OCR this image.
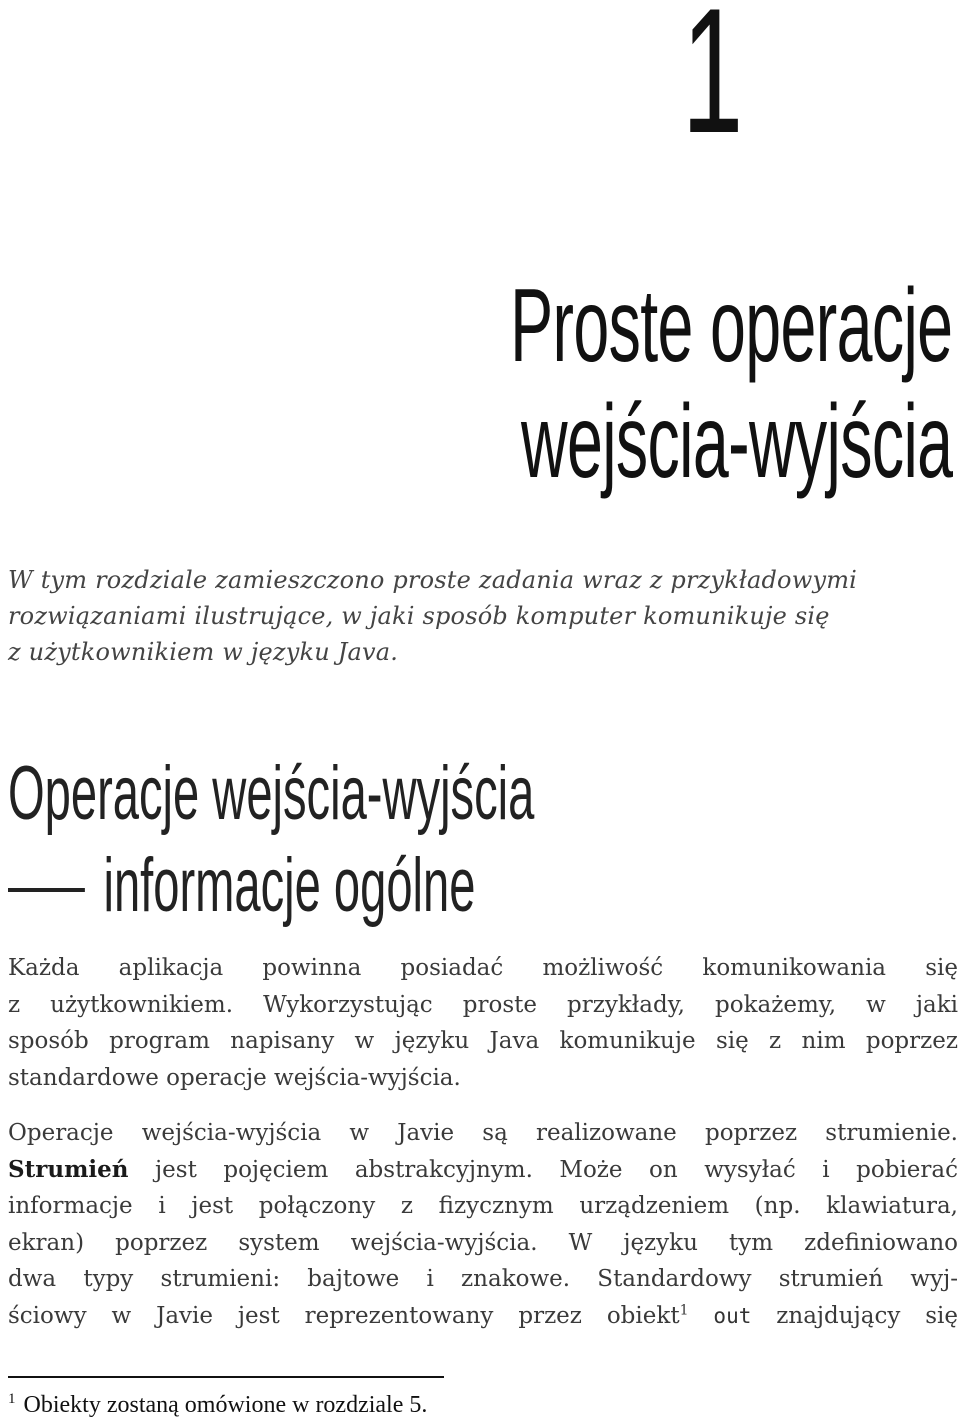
1
Proste operacje
wejścia-wyjścia
W tym rozdziale zamieszczono proste zadania wraz z przykładowymi
rozwiązaniami ilustrujące, w jaki sposób komputer komunikuje się
z użytkownikiem w języku Java.
Operacje wejścia-wyjścia
informacje ogólne
Każda aplikacja powinna posiadać możliwość komunikowania się
z użytkownikiem. Wykorzystując proste przykłady, pokażemy, w jaki
sposób program napisany w języku Java komunikuje się z nim poprzez
standardowe operacje wejścia-wyjścia.
Operacje wejścia-wyjścia w Javie są realizowane poprzez strumienie.
Strumień jest pojęciem abstrakcyjnym. Może on wysyłać i pobierać
informacje i jest połączony z fizycznym urządzeniem (np. klawiatura,
ekran) poprzez system wejścia-wyjścia. W języku tym zdefiniowano
dwa typy strumieni: bajtowe i znakowe. Standardowy strumień wyj-
ściowy w Javie jest reprezentowany przez obiekt$^1$ out znajdujący się
$^1$ Obiekty zostaną omówione w rozdziale 5.
